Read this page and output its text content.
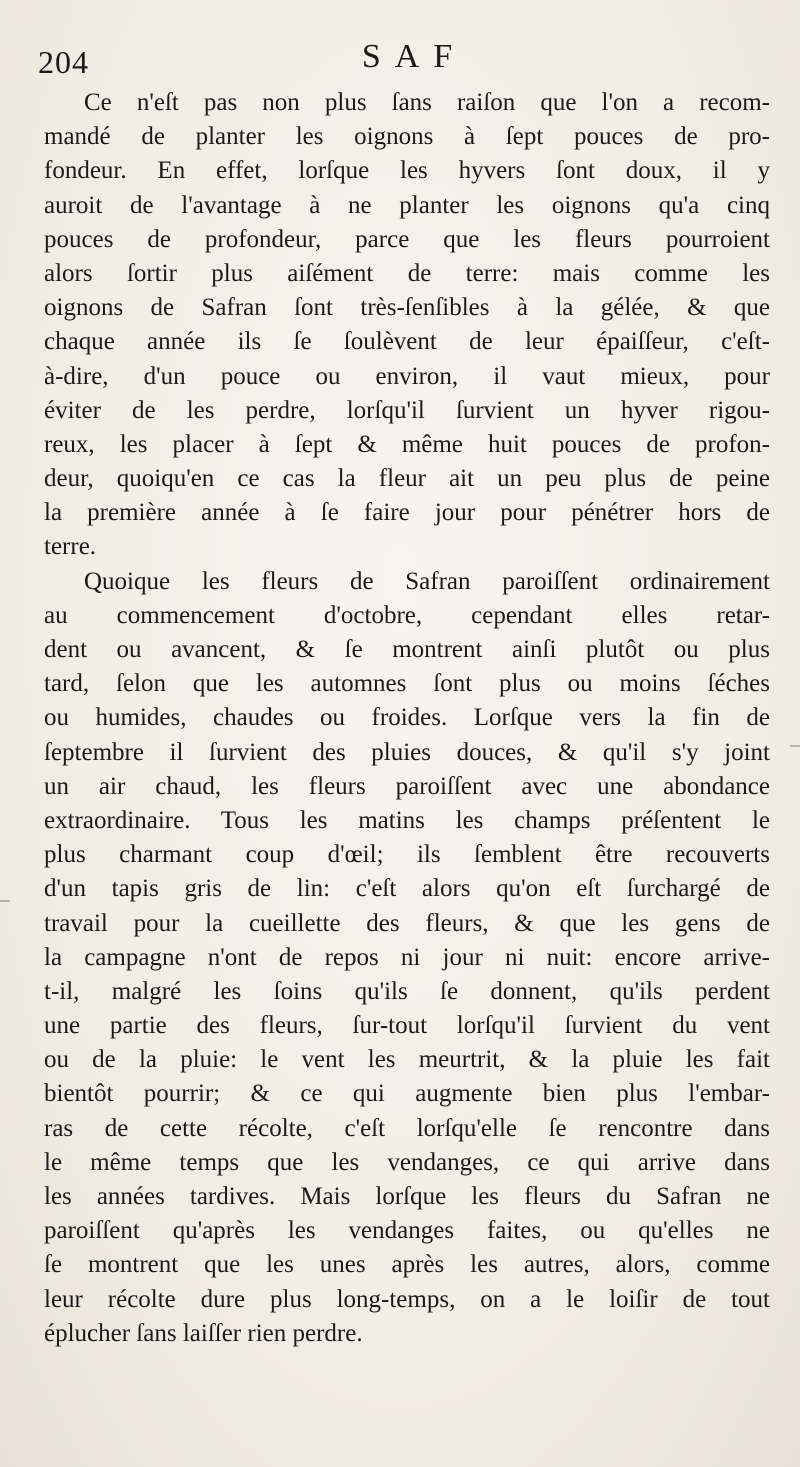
204	SAF

Ce n'eſt pas non plus ſans raiſon que l'on a recom-
mandé de planter les oignons à ſept pouces de pro-
fondeur. En effet, lorſque les hyvers ſont doux, il y
auroit de l'avantage à ne planter les oignons qu'a cinq
pouces de profondeur, parce que les fleurs pourroient
alors ſortir plus aiſément de terre: mais comme les
oignons de Safran ſont très-ſenſibles à la gélée, & que
chaque année ils ſe ſoulèvent de leur épaiſſeur, c'eſt-
à-dire, d'un pouce ou environ, il vaut mieux, pour
éviter de les perdre, lorſqu'il ſurvient un hyver rigou-
reux, les placer à ſept & même huit pouces de profon-
deur, quoiqu'en ce cas la fleur ait un peu plus de peine
la première année à ſe faire jour pour pénétrer hors de
terre.

Quoique les fleurs de Safran paroiſſent ordinairement
au commencement d'octobre, cependant elles retar-
dent ou avancent, & ſe montrent ainſi plutôt ou plus
tard, ſelon que les automnes ſont plus ou moins ſéches
ou humides, chaudes ou froides. Lorſque vers la fin de
ſeptembre il ſurvient des pluies douces, & qu'il s'y joint
un air chaud, les fleurs paroiſſent avec une abondance
extraordinaire. Tous les matins les champs préſentent le
plus charmant coup d'œil; ils ſemblent être recouverts
d'un tapis gris de lin: c'eſt alors qu'on eſt ſurchargé de
travail pour la cueillette des fleurs, & que les gens de
la campagne n'ont de repos ni jour ni nuit: encore arrive-
t-il, malgré les ſoins qu'ils ſe donnent, qu'ils perdent
une partie des fleurs, ſur-tout lorſqu'il ſurvient du vent
ou de la pluie: le vent les meurtrit, & la pluie les fait
bientôt pourrir; & ce qui augmente bien plus l'embar-
ras de cette récolte, c'eſt lorſqu'elle ſe rencontre dans
le même temps que les vendanges, ce qui arrive dans
les années tardives. Mais lorſque les fleurs du Safran ne
paroiſſent qu'après les vendanges faites, ou qu'elles ne
ſe montrent que les unes après les autres, alors, comme
leur récolte dure plus long-temps, on a le loiſir de tout
éplucher ſans laiſſer rien perdre.
